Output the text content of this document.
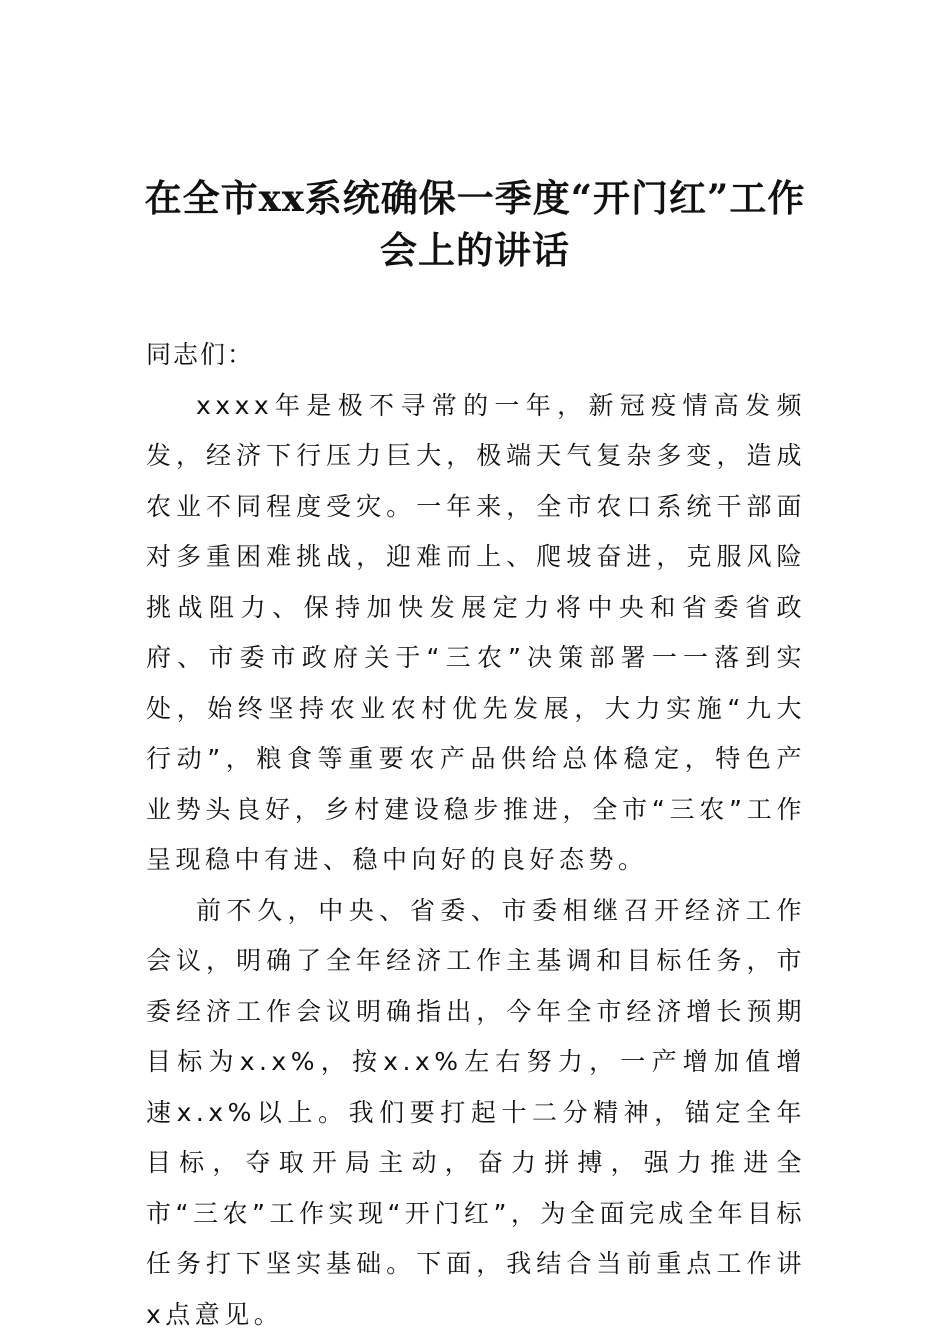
在全市xx系统确保一季度“开门红”工作
会上的讲话

同志们：

xxxx年是极不寻常的一年，新冠疫情高发频发，经济下行压力巨大，极端天气复杂多变，造成农业不同程度受灾。一年来，全市农口系统干部面对多重困难挑战，迎难而上、爬坡奋进，克服风险挑战阻力、保持加快发展定力将中央和省委省政府、市委市政府关于“三农”决策部署一一落到实处，始终坚持农业农村优先发展，大力实施“九大行动”，粮食等重要农产品供给总体稳定，特色产业势头良好，乡村建设稳步推进，全市“三农”工作呈现稳中有进、稳中向好的良好态势。

前不久，中央、省委、市委相继召开经济工作会议，明确了全年经济工作主基调和目标任务，市委经济工作会议明确指出，今年全市经济增长预期目标为x.x%，按x.x%左右努力，一产增加值增速x.x%以上。我们要打起十二分精神，锚定全年目标，夺取开局主动，奋力拼搏，强力推进全市“三农”工作实现“开门红”，为全面完成全年目标任务打下坚实基础。下面，我结合当前重点工作讲x点意见。
